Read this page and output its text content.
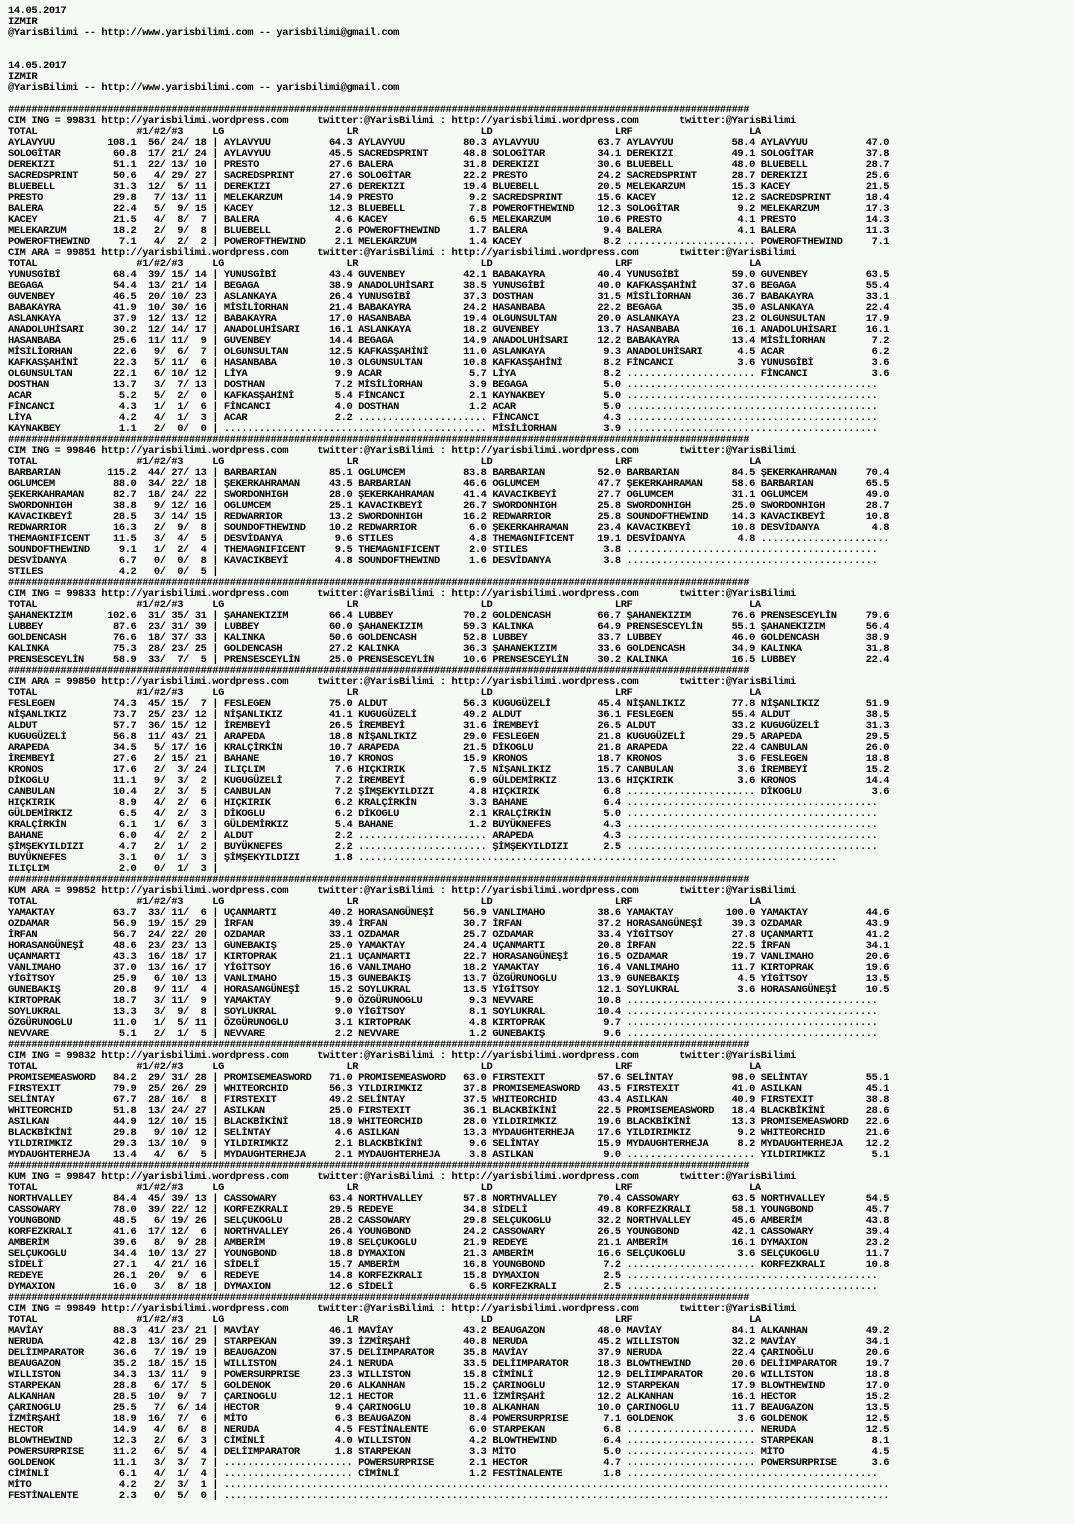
14.05.2017
IZMIR
@YarisBilimi -- http://www.yarisbilimi.com -- yarisbilimi@gmail.com
14.05.2017
IZMIR
@YarisBilimi -- http://www.yarisbilimi.com -- yarisbilimi@gmail.com
###############################################################################################################################
CIM ING = 99831 http://yarisbilimi.wordpress.com     twitter:@YarisBilimi : http://yarisbilimi.wordpress.com       twitter:@YarisBilimi
TOTAL                 #1/#2/#3     LG                     LR                     LD                     LRF                    LA
AYLAVYUU         108.1  56/ 24/ 18 | AYLAVYUU          64.3 AYLAVYUU          80.3 AYLAVYUU          63.7 AYLAVYUU          58.4 AYLAVYUU          47.0
SOLOGİTAR         60.8  17/ 21/ 24 | AYLAVYUU          45.5 SACREDSPRINT      48.8 SOLOGİTAR         34.1 DEREKIZI          49.1 SOLOGİTAR         37.8
DEREKIZI          51.1  22/ 13/ 10 | PRESTO            27.6 BALERA            31.8 DEREKIZI          30.6 BLUEBELL          48.0 BLUEBELL          28.7
SACREDSPRINT      50.6   4/ 29/ 27 | SACREDSPRINT      27.6 SOLOGİTAR         22.2 PRESTO            24.2 SACREDSPRINT      28.7 DEREKIZI          25.6
BLUEBELL          31.3  12/  5/ 11 | DEREKIZI          27.6 DEREKIZI          19.4 BLUEBELL          20.5 MELEKARZUM        15.3 KACEY             21.5
PRESTO            29.8   7/ 13/ 11 | MELEKARZUM        14.9 PRESTO             9.2 SACREDSPRINT      15.6 KACEY             12.2 SACREDSPRINT      18.4
BALERA            22.4   5/  9/ 15 | KACEY             12.3 BLUEBELL           7.8 POWEROFTHEWIND    12.3 SOLOGİTAR          9.2 MELEKARZUM        17.3
KACEY             21.5   4/  8/  7 | BALERA             4.6 KACEY              6.5 MELEKARZUM        10.6 PRESTO             4.1 PRESTO            14.3
MELEKARZUM        18.2   2/  9/  8 | BLUEBELL           2.6 POWEROFTHEWIND     1.7 BALERA             9.4 BALERA             4.1 BALERA            11.3
POWEROFTHEWIND     7.1   4/  2/  2 | POWEROFTHEWIND     2.1 MELEKARZUM         1.4 KACEY              8.2 ...................... POWEROFTHEWIND     7.1
CIM ARA = 99851 http://yarisbilimi.wordpress.com     twitter:@YarisBilimi : http://yarisbilimi.wordpress.com       twitter:@YarisBilimi
TOTAL                 #1/#2/#3     LG                     LR                     LD                     LRF                    LA
YUNUSGİBİ         68.4  39/ 15/ 14 | YUNUSGİBİ         43.4 GUVENBEY          42.1 BABAKAYRA         40.4 YUNUSGİBİ         59.0 GUVENBEY          63.5
BEGAGA            54.4  13/ 21/ 14 | BEGAGA            38.9 ANADOLUHİSARI     38.5 YUNUSGİBİ         40.0 KAFKASŞAHİNİ      37.6 BEGAGA            55.4
GUVENBEY          46.5  20/ 10/ 23 | ASLANKAYA         26.4 YUNUSGİBİ         37.3 DOSTHAN           31.5 MİSİLİORHAN       36.7 BABAKAYRA         33.1
BABAKAYRA         41.9  10/ 30/ 16 | MİSİLİORHAN       21.4 BABAKAYRA         24.2 HASANBABA         22.2 BEGAGA            35.0 ASLANKAYA         22.4
ASLANKAYA         37.9  12/ 13/ 12 | BABAKAYRA         17.0 HASANBABA         19.4 OLGUNSULTAN       20.0 ASLANKAYA         23.2 OLGUNSULTAN       17.9
ANADOLUHİSARI     30.2  12/ 14/ 17 | ANADOLUHİSARI     16.1 ASLANKAYA         18.2 GUVENBEY          13.7 HASANBABA         16.1 ANADOLUHİSARI     16.1
HASANBABA         25.6  11/ 11/  9 | GUVENBEY          14.4 BEGAGA            14.9 ANADOLUHİSARI     12.2 BABAKAYRA         13.4 MİSİLİORHAN        7.2
MİSİLİORHAN       22.6   9/  6/  7 | OLGUNSULTAN       12.5 KAFKASŞAHİNİ      11.0 ASLANKAYA          9.3 ANADOLUHİSARI      4.5 ACAR               6.2
KAFKASŞAHİNİ      22.3   5/ 11/  6 | HASANBABA         10.3 OLGUNSULTAN       10.8 KAFKASŞAHİNİ       8.2 FİNCANCI           3.6 YUNUSGİBİ          3.6
OLGUNSULTAN       22.1   6/ 10/ 12 | LİYA               9.9 ACAR               5.7 LİYA               8.2 ...................... FİNCANCI           3.6
DOSTHAN           13.7   3/  7/ 13 | DOSTHAN            7.2 MİSİLİORHAN        3.9 BEGAGA             5.0 ...........................................
ACAR               5.2   5/  2/  0 | KAFKASŞAHİNİ       5.4 FİNCANCI           2.1 KAYNAKBEY          5.0 ...........................................
FİNCANCI           4.3   1/  1/  6 | FİNCANCI           4.0 DOSTHAN            1.2 ACAR               5.0 ...........................................
LİYA               4.2   4/  1/  3 | ACAR               2.2 ...................... FİNCANCI           4.3 ...........................................
KAYNAKBEY          1.1   2/  0/  0 | ............................................. MİSİLİORHAN        3.9 ...........................................
###############################################################################################################################
CIM ING = 99846 http://yarisbilimi.wordpress.com     twitter:@YarisBilimi : http://yarisbilimi.wordpress.com       twitter:@YarisBilimi
TOTAL                 #1/#2/#3     LG                     LR                     LD                     LRF                    LA
BARBARIAN        115.2  44/ 27/ 13 | BARBARIAN         85.1 OGLUMCEM          83.8 BARBARIAN         52.0 BARBARIAN         84.5 ŞEKERKAHRAMAN     70.4
OGLUMCEM          88.0  34/ 22/ 18 | ŞEKERKAHRAMAN     43.5 BARBARIAN         46.6 OGLUMCEM          47.7 ŞEKERKAHRAMAN     58.6 BARBARIAN         65.5
ŞEKERKAHRAMAN     82.7  18/ 24/ 22 | SWORDONHIGH       28.0 ŞEKERKAHRAMAN     41.4 KAVACIKBEYİ       27.7 OGLUMCEM          31.1 OGLUMCEM          49.0
SWORDONHIGH       38.8   9/ 12/ 16 | OGLUMCEM          25.1 KAVACIKBEYİ       26.7 SWORDONHIGH       25.8 SWORDONHIGH       25.0 SWORDONHIGH       28.7
KAVACIKBEYİ       28.5   3/ 14/ 15 | REDWARRIOR        13.2 SWORDONHIGH       16.2 REDWARRIOR        25.8 SOUNDOFTHEWIND    14.3 KAVACIKBEYİ       10.8
REDWARRIOR        16.3   2/  9/  8 | SOUNDOFTHEWIND    10.2 REDWARRIOR         6.0 ŞEKERKAHRAMAN     23.4 KAVACIKBEYİ       10.8 DESVİDANYA         4.8
THEMAGNIFICENT    11.5   3/  4/  5 | DESVİDANYA         9.6 STILES             4.8 THEMAGNIFICENT    19.1 DESVİDANYA         4.8 ......................
SOUNDOFTHEWIND     9.1   1/  2/  4 | THEMAGNIFICENT     9.5 THEMAGNIFICENT     2.0 STILES             3.8 ...........................................
DESVİDANYA         6.7   0/  0/  8 | KAVACIKBEYİ        4.8 SOUNDOFTHEWIND     1.6 DESVİDANYA         3.8 ...........................................
STILES             4.2   0/  0/  5 |
###############################################################################################################################
CIM ING = 99833 http://yarisbilimi.wordpress.com     twitter:@YarisBilimi : http://yarisbilimi.wordpress.com       twitter:@YarisBilimi
TOTAL                 #1/#2/#3     LG                     LR                     LD                     LRF                    LA
ŞAHANEKIZIM      102.6  31/ 35/ 31 | ŞAHANEKIZIM       66.4 LUBBEY            70.2 GOLDENCASH        66.7 ŞAHANEKIZIM       76.6 PRENSESCEYLİN     79.6
LUBBEY            87.6  23/ 31/ 39 | LUBBEY            60.0 ŞAHANEKIZIM       59.3 KALINKA           64.9 PRENSESCEYLİN     55.1 ŞAHANEKIZIM       56.4
GOLDENCASH        76.6  18/ 37/ 33 | KALINKA           50.6 GOLDENCASH        52.8 LUBBEY            33.7 LUBBEY            46.0 GOLDENCASH        38.9
KALINKA           75.3  28/ 23/ 25 | GOLDENCASH        27.2 KALINKA           36.3 ŞAHANEKIZIM       33.6 GOLDENCASH        34.9 KALINKA           31.8
PRENSESCEYLİN     58.9  33/  7/  5 | PRENSESCEYLİN     25.0 PRENSESCEYLİN     10.6 PRENSESCEYLİN     30.2 KALINKA           16.5 LUBBEY            22.4
###############################################################################################################################
CIM ARA = 99850 http://yarisbilimi.wordpress.com     twitter:@YarisBilimi : http://yarisbilimi.wordpress.com       twitter:@YarisBilimi
TOTAL                 #1/#2/#3     LG                     LR                     LD                     LRF                    LA
FESLEGEN          74.3  45/ 15/  7 | FESLEGEN          75.0 ALDUT             56.3 KUGUGÜZELİ        45.4 NİŞANLIKIZ        77.8 NİŞANLIKIZ        51.9
NİŞANLIKIZ        73.7  25/ 23/ 12 | NİŞANLIKIZ        41.1 KUGUGÜZELİ        49.2 ALDUT             36.1 FESLEGEN          55.4 ALDUT             38.5
ALDUT             57.7  36/ 15/ 12 | İREMBEYİ          26.5 İREMBEYİ          31.6 İREMBEYİ          26.5 ALDUT             33.2 KUGUGÜZELİ        31.3
KUGUGÜZELİ        56.8  11/ 43/ 21 | ARAPEDA           18.8 NİŞANLIKIZ        29.0 FESLEGEN          21.8 KUGUGÜZELİ        29.5 ARAPEDA           29.5
ARAPEDA           34.5   5/ 17/ 16 | KRALÇİRKİN        10.7 ARAPEDA           21.5 DİKOGLU           21.8 ARAPEDA           22.4 CANBULAN          26.0
İREMBEYİ          27.6   2/ 15/ 21 | BAHANE            10.7 KRONOS            15.9 KRONOS            18.7 KRONOS             3.6 FESLEGEN          18.8
KRONOS            17.6   2/  3/ 24 | ILIÇLIM            7.6 HIÇKIRIK           7.5 NİŞANLIKIZ        15.7 CANBULAN           3.6 İREMBEYİ          15.2
DİKOGLU           11.1   9/  3/  2 | KUGUGÜZELİ         7.2 İREMBEYİ           6.9 GÜLDEMİRKIZ       13.6 HIÇKIRIK           3.6 KRONOS            14.4
CANBULAN          10.4   2/  3/  5 | CANBULAN           7.2 ŞİMŞEKYILDIZI      4.8 HIÇKIRIK           6.8 ...................... DİKOGLU            3.6
HIÇKIRIK           8.9   4/  2/  6 | HIÇKIRIK           6.2 KRALÇİRKİN         3.3 BAHANE             6.4 ...........................................
GÜLDEMİRKIZ        6.5   4/  2/  3 | DİKOGLU            6.2 DİKOGLU            2.1 KRALÇİRKİN         5.0 ...........................................
KRALÇİRKİN         6.1   1/  6/  3 | GÜLDEMİRKIZ        5.4 BAHANE             1.2 BUYÜKNEFES         4.3 ...........................................
BAHANE             6.0   4/  2/  2 | ALDUT              2.2 ...................... ARAPEDA            4.3 ...........................................
ŞİMŞEKYILDIZI      4.7   2/  1/  2 | BUYÜKNEFES         2.2 ...................... ŞİMŞEKYILDIZI      2.5 ...........................................
BUYÜKNEFES         3.1   0/  1/  3 | ŞİMŞEKYILDIZI      1.8 ..................................................................................
ILIÇLIM            2.0   0/  1/  3 |
###############################################################################################################################
KUM ARA = 99852 http://yarisbilimi.wordpress.com     twitter:@YarisBilimi : http://yarisbilimi.wordpress.com       twitter:@YarisBilimi
TOTAL                 #1/#2/#3     LG                     LR                     LD                     LRF                    LA
YAMAKTAY          63.7  33/ 11/  6 | UÇANMARTI         40.2 HORASANGÜNEŞİ     56.9 VANLIMAHO         38.6 YAMAKTAY         100.0 YAMAKTAY          44.6
OZDAMAR           56.9  19/ 15/ 29 | İRFAN             39.4 İRFAN             30.7 İRFAN             37.2 HORASANGÜNEŞİ     39.3 OZDAMAR           43.9
İRFAN             56.7  24/ 22/ 20 | OZDAMAR           33.1 OZDAMAR           25.7 OZDAMAR           33.4 YİGİTSOY          27.8 UÇANMARTI         41.2
HORASANGÜNEŞİ     48.6  23/ 23/ 13 | GUNEBAKIŞ         25.0 YAMAKTAY          24.4 UÇANMARTI         20.8 İRFAN             22.5 İRFAN             34.1
UÇANMARTI         43.3  16/ 18/ 17 | KIRTOPRAK         21.1 UÇANMARTI         22.7 HORASANGÜNEŞİ     16.5 OZDAMAR           19.7 VANLIMAHO         20.6
VANLIMAHO         37.0  13/ 16/ 17 | YİGİTSOY          16.6 VANLIMAHO         18.2 YAMAKTAY          16.4 VANLIMAHO         11.7 KIRTOPRAK         19.6
YİGİTSOY          25.9   6/ 10/ 13 | VANLIMAHO         15.3 GUNEBAKIŞ         13.7 ÖZGÜRUNOGLU       13.9 GUNEBAKIŞ          4.5 YİGİTSOY          13.5
GUNEBAKIŞ         20.8   9/ 11/  4 | HORASANGÜNEŞİ     15.2 SOYLUKRAL         13.5 YİGİTSOY          12.1 SOYLUKRAL          3.6 HORASANGÜNEŞİ     10.5
KIRTOPRAK         18.7   3/ 11/  9 | YAMAKTAY           9.0 ÖZGÜRUNOGLU        9.3 NEVVARE           10.8 ...........................................
SOYLUKRAL         13.3   3/  9/  8 | SOYLUKRAL          9.0 YİGİTSOY           8.1 SOYLUKRAL         10.4 ...........................................
ÖZGÜRUNOGLU       11.0   1/  5/ 11 | ÖZGÜRUNOGLU        3.1 KIRTOPRAK          4.8 KIRTOPRAK          9.7 ...........................................
NEVVARE            5.1   2/  1/  5 | NEVVARE            2.2 NEVVARE            1.2 GUNEBAKIŞ          9.6 ...........................................
###############################################################################################################################
CIM ING = 99832 http://yarisbilimi.wordpress.com     twitter:@YarisBilimi : http://yarisbilimi.wordpress.com       twitter:@YarisBilimi
TOTAL                 #1/#2/#3     LG                     LR                     LD                     LRF                    LA
PROMISEMEASWORD   84.2  29/ 31/ 28 | PROMISEMEASWORD   71.0 PROMISEMEASWORD   63.0 FIRSTEXIT         57.6 SELİNTAY          98.0 SELİNTAY          55.1
FIRSTEXIT         79.9  25/ 26/ 29 | WHITEORCHID       56.3 YILDIRIMKIZ       37.8 PROMISEMEASWORD   43.5 FIRSTEXIT         41.0 ASILKAN           45.1
SELİNTAY          67.7  28/ 16/  8 | FIRSTEXIT         49.2 SELİNTAY          37.5 WHITEORCHID       43.4 ASILKAN           40.9 FIRSTEXIT         38.8
WHITEORCHID       51.8  13/ 24/ 27 | ASILKAN           25.0 FIRSTEXIT         36.1 BLACKBİKİNİ       22.5 PROMISEMEASWORD   18.4 BLACKBİKİNİ       28.6
ASILKAN           44.9  12/ 10/ 15 | BLACKBİKİNİ       18.9 WHITEORCHID       28.0 YILDIRIMKIZ       19.6 BLACKBİKİNİ       13.3 PROMISEMEASWORD   22.6
BLACKBİKİNİ       29.8   9/ 10/ 12 | SELİNTAY           4.6 ASILKAN           13.3 MYDAUGHTERHEJA    17.6 YILDIRIMKIZ        9.2 WHITEORCHID       21.6
YILDIRIMKIZ       29.3  13/ 10/  9 | YILDIRIMKIZ        2.1 BLACKBİKİNİ        9.6 SELİNTAY          15.9 MYDAUGHTERHEJA     8.2 MYDAUGHTERHEJA    12.2
MYDAUGHTERHEJA    13.4   4/  6/  5 | MYDAUGHTERHEJA     2.1 MYDAUGHTERHEJA     3.8 ASILKAN            9.0 ...................... YILDIRIMKIZ        5.1
###############################################################################################################################
KUM ING = 99847 http://yarisbilimi.wordpress.com     twitter:@YarisBilimi : http://yarisbilimi.wordpress.com       twitter:@YarisBilimi
TOTAL                 #1/#2/#3     LG                     LR                     LD                     LRF                    LA
NORTHVALLEY       84.4  45/ 39/ 13 | CASSOWARY         63.4 NORTHVALLEY       57.8 NORTHVALLEY       70.4 CASSOWARY         63.5 NORTHVALLEY       54.5
CASSOWARY         78.0  39/ 22/ 12 | KORFEZKRALI       29.5 REDEYE            34.8 SİDELİ            49.8 KORFEZKRALI       58.1 YOUNGBOND         45.7
YOUNGBOND         48.5   6/ 19/ 26 | SELÇUKOGLU        28.2 CASSOWARY         29.8 SELÇUKOGLU        32.2 NORTHVALLEY       45.6 AMBERİM           43.8
KORFEZKRALI       41.6  17/ 12/  6 | NORTHVALLEY       26.4 YOUNGBOND         24.2 CASSOWARY         26.5 YOUNGBOND         42.1 CASSOWARY         39.4
AMBERİM           39.6   8/  9/ 28 | AMBERİM           19.8 SELÇUKOGLU        21.9 REDEYE            21.1 AMBERİM           16.1 DYMAXION          23.2
SELÇUKOGLU        34.4  10/ 13/ 27 | YOUNGBOND         18.8 DYMAXION          21.3 AMBERİM           16.6 SELÇUKOGLU         3.6 SELÇUKOGLU        11.7
SİDELİ            27.1   4/ 21/ 16 | SİDELİ            15.7 AMBERİM           16.8 YOUNGBOND          7.2 ...................... KORFEZKRALI       10.8
REDEYE            26.1  20/  9/  6 | REDEYE            14.8 KORFEZKRALI       15.8 DYMAXION           2.5 ...........................................
DYMAXION          16.0   3/  8/ 18 | DYMAXION          12.6 SİDELİ             6.5 KORFEZKRALI        2.5 ...........................................
###############################################################################################################################
CIM ING = 99849 http://yarisbilimi.wordpress.com     twitter:@YarisBilimi : http://yarisbilimi.wordpress.com       twitter:@YarisBilimi
TOTAL                 #1/#2/#3     LG                     LR                     LD                     LRF                    LA
MAVİAY            88.3  41/ 23/ 21 | MAVİAY            46.1 MAVİAY            43.2 BEAUGAZON         48.0 MAVİAY            84.1 ALKANHAN          49.2
NERUDA            42.8  13/ 16/ 29 | STARPEKAN         39.3 İZMİRŞAHİ         40.8 NERUDA            45.2 WILLISTON         32.2 MAVİAY            34.1
DELİIMPARATOR     36.6   7/ 19/ 19 | BEAUGAZON         37.5 DELİIMPARATOR     35.8 MAVİAY            37.9 NERUDA            22.4 ÇARINOĞLU         20.6
BEAUGAZON         35.2  18/ 15/ 15 | WILLISTON         24.1 NERUDA            33.5 DELİIMPARATOR     18.3 BLOWTHEWIND       20.6 DELİIMPARATOR     19.7
WILLISTON         34.3  13/ 11/  9 | POWERSURPRISE     23.3 WILLISTON         15.8 CİMİNLİ           12.9 DELİIMPARATOR     20.6 WILLISTON         18.8
STARPEKAN         28.8   6/ 17/  5 | GOLDENOK          20.6 ALKANHAN          15.2 ÇARINOGLU         12.9 STARPEKAN         17.9 BLOWTHEWIND       17.0
ALKANHAN          28.5  10/  9/  7 | ÇARINOGLU         12.1 HECTOR            11.6 İZMİRŞAHİ         12.2 ALKANHAN          16.1 HECTOR            15.2
ÇARINOGLU         25.5   7/  6/ 14 | HECTOR             9.4 ÇARINOGLU         10.8 ALKANHAN          10.0 ÇARINOGLU         11.7 BEAUGAZON         13.5
İZMİRŞAHİ         18.9  16/  7/  6 | MİTO               6.3 BEAUGAZON          8.4 POWERSURPRISE      7.1 GOLDENOK           3.6 GOLDENOK          12.5
HECTOR            14.9   4/  6/  8 | NERUDA             4.5 FESTİNALENTE       6.0 STARPEKAN          6.8 ...................... NERUDA            12.5
BLOWTHEWIND       12.3   2/  6/  3 | CİMİNLİ            4.0 WILLISTON          4.2 BLOWTHEWIND        6.4 ...................... STARPEKAN          8.1
POWERSURPRISE     11.2   6/  5/  4 | DELİIMPARATOR      1.8 STARPEKAN          3.3 MİTO               5.0 ...................... MİTO               4.5
GOLDENOK          11.1   3/  3/  7 | ...................... POWERSURPRISE      2.1 HECTOR             4.7 ...................... POWERSURPRISE      3.6
CİMİNLİ            6.1   4/  1/  4 | ...................... CİMİNLİ            1.2 FESTİNALENTE       1.8 ...........................................
MİTO               4.2   2/  3/  1 | ..................................................................................................................
FESTİNALENTE       2.3   0/  5/  0 | ..................................................................................................................
